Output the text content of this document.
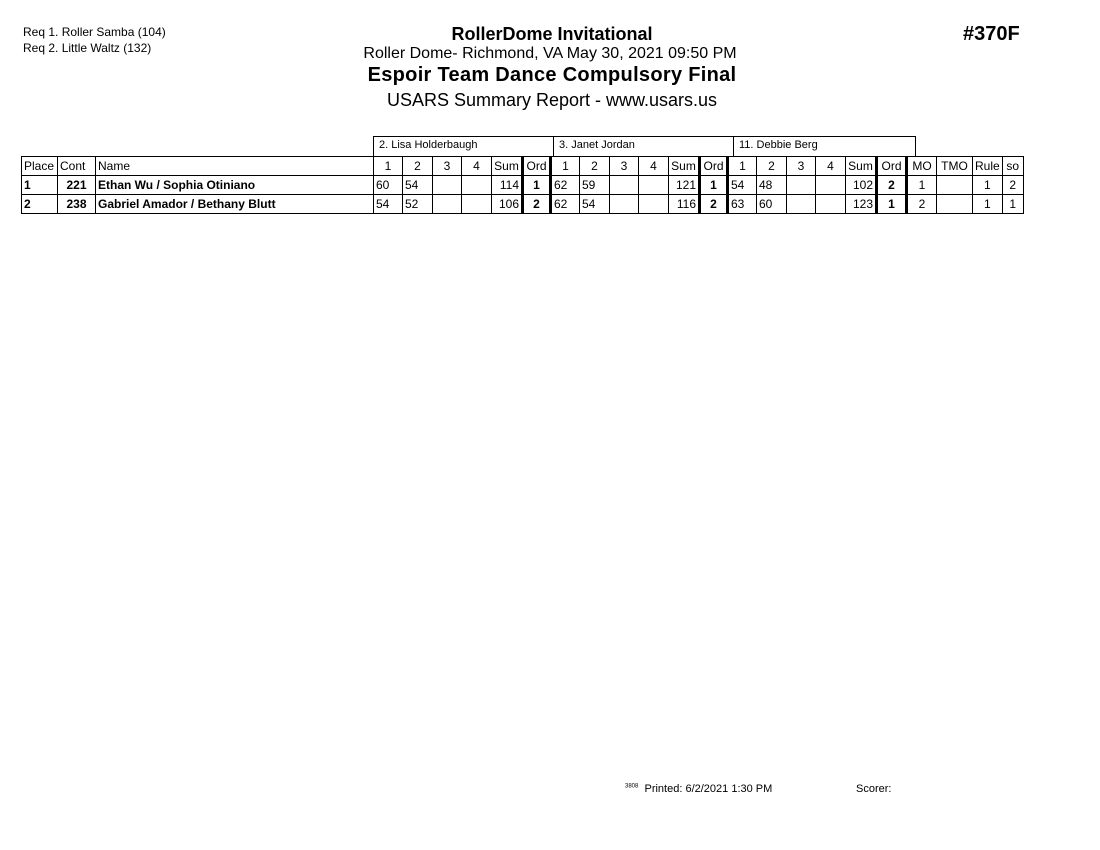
Req 1. Roller Samba (104)
Req 2. Little Waltz (132)
#370F
RollerDome Invitational
Roller Dome- Richmond, VA May 30, 2021 09:50 PM
Espoir Team Dance Compulsory Final
USARS Summary Report - www.usars.us
2. Lisa Holderbaugh	3. Janet Jordan	11. Debbie Berg
Place	Cont	Name	1	2	3	4	Sum	Ord	1	2	3	4	Sum	Ord	1	2	3	4	Sum	Ord	MO	TMO	Rule	so
1	221	Ethan Wu / Sophia Otiniano	60	54			114	1	62	59			121	1	54	48			102	2	1		1	2
2	238	Gabriel Amador / Bethany Blutt	54	52			106	2	62	54			116	2	63	60			123	1	2		1	1
$^{3808}$ Printed: 6/2/2021 1:30 PM	Scorer:
